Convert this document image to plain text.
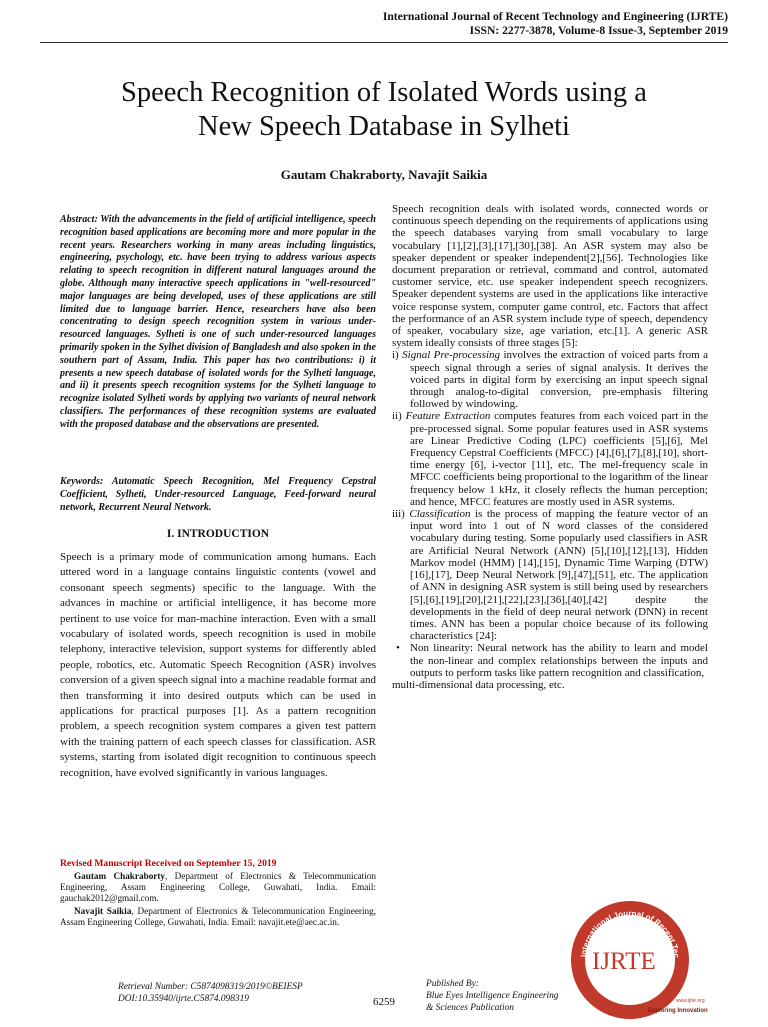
International Journal of Recent Technology and Engineering (IJRTE)
ISSN: 2277-3878, Volume-8 Issue-3, September 2019
Speech Recognition of Isolated Words using a
New Speech Database in Sylheti
Gautam Chakraborty, Navajit Saikia
Abstract: With the advancements in the field of artificial intelligence, speech recognition based applications are becoming more and more popular in the recent years. Researchers working in many areas including linguistics, engineering, psychology, etc. have been trying to address various aspects relating to speech recognition in different natural languages around the globe. Although many interactive speech applications in "well-resourced" major languages are being developed, uses of these applications are still limited due to language barrier. Hence, researchers have also been concentrating to design speech recognition system in various under-resourced languages. Sylheti is one of such under-resourced languages primarily spoken in the Sylhet division of Bangladesh and also spoken in the southern part of Assam, India. This paper has two contributions: i) it presents a new speech database of isolated words for the Sylheti language, and ii) it presents speech recognition systems for the Sylheti language to recognize isolated Sylheti words by applying two variants of neural network classifiers. The performances of these recognition systems are evaluated with the proposed database and the observations are presented.
Keywords: Automatic Speech Recognition, Mel Frequency Cepstral Coefficient, Sylheti, Under-resourced Language, Feed-forward neural network, Recurrent Neural Network.
I. INTRODUCTION
Speech is a primary mode of communication among humans. Each uttered word in a language contains linguistic contents (vowel and consonant speech segments) specific to the language. With the advances in machine or artificial intelligence, it has become more pertinent to use voice for man-machine interaction. Even with a small vocabulary of isolated words, speech recognition is used in mobile telephony, interactive television, support systems for differently abled people, robotics, etc. Automatic Speech Recognition (ASR) involves conversion of a given speech signal into a machine readable format and then transforming it into desired outputs which can be used in applications for practical purposes [1]. As a pattern recognition problem, a speech recognition system compares a given test pattern with the training pattern of each speech classes for classification. ASR systems, starting from isolated digit recognition to continuous speech recognition, have evolved significantly in various languages.

Speech recognition deals with isolated words, connected words or continuous speech depending on the requirements of applications using the speech databases varying from small vocabulary to large vocabulary [1],[2],[3],[17],[30],[38]. An ASR system may also be speaker dependent or speaker independent[2],[56]. Technologies like document preparation or retrieval, command and control, automated customer service, etc. use speaker independent speech recognizers. Speaker dependent systems are used in the applications like interactive voice response system, computer game control, etc. Factors that affect the performance of an ASR system include type of speech, dependency of speaker, vocabulary size, age variation, etc.[1]. A generic ASR system ideally consists of three stages [5]:

i) Signal Pre-processing involves the extraction of voiced parts from a speech signal through a series of signal analysis. It derives the voiced parts in digital form by exercising an input speech signal through analog-to-digital conversion, pre-emphasis filtering followed by windowing.

ii) Feature Extraction computes features from each voiced part in the pre-processed signal. Some popular features used in ASR systems are Linear Predictive Coding (LPC) coefficients [5],[6], Mel Frequency Cepstral Coefficients (MFCC) [4],[6],[7],[8],[10], short-time energy [6], i-vector [11], etc. The mel-frequency scale in MFCC coefficients being proportional to the logarithm of the linear frequency below 1 kHz, it closely reflects the human perception; and hence, MFCC features are mostly used in ASR systems.

iii) Classification is the process of mapping the feature vector of an input word into 1 out of N word classes of the considered vocabulary during testing. Some popularly used classifiers in ASR are Artificial Neural Network (ANN) [5],[10],[12],[13], Hidden Markov model (HMM) [14],[15], Dynamic Time Warping (DTW) [16],[17], Deep Neural Network [9],[47],[51], etc. The application of ANN in designing ASR system is still being used by researchers [5],[6],[19],[20],[21],[22],[23],[36],[40],[42] despite the developments in the field of deep neural network (DNN) in recent times. ANN has been a popular choice because of its following characteristics [24]:

• Non linearity: Neural network has the ability to learn and model the non-linear and complex relationships between the inputs and outputs to perform tasks like pattern recognition and classification,

multi-dimensional data processing, etc.

Revised Manuscript Received on September 15, 2019

Gautam Chakraborty, Department of Electronics & Telecommunication Engineering, Assam Engineering College, Guwahati, India. Email: gauchak2012@gmail.com.

Navajit Saikia, Department of Electronics & Telecommunication Engineering, Assam Engineering College, Guwahati, India. Email: navajit.ete@aec.ac.in.

Retrieval Number: C5874098319/2019©BEIESP
DOI:10.35940/ijrte.C5874.098319	6259
Published By:
Blue Eyes Intelligence Engineering
& Sciences Publication
International Journal of Recent Tec
IJRTE
www.ijrte.org
Exploring Innovation
